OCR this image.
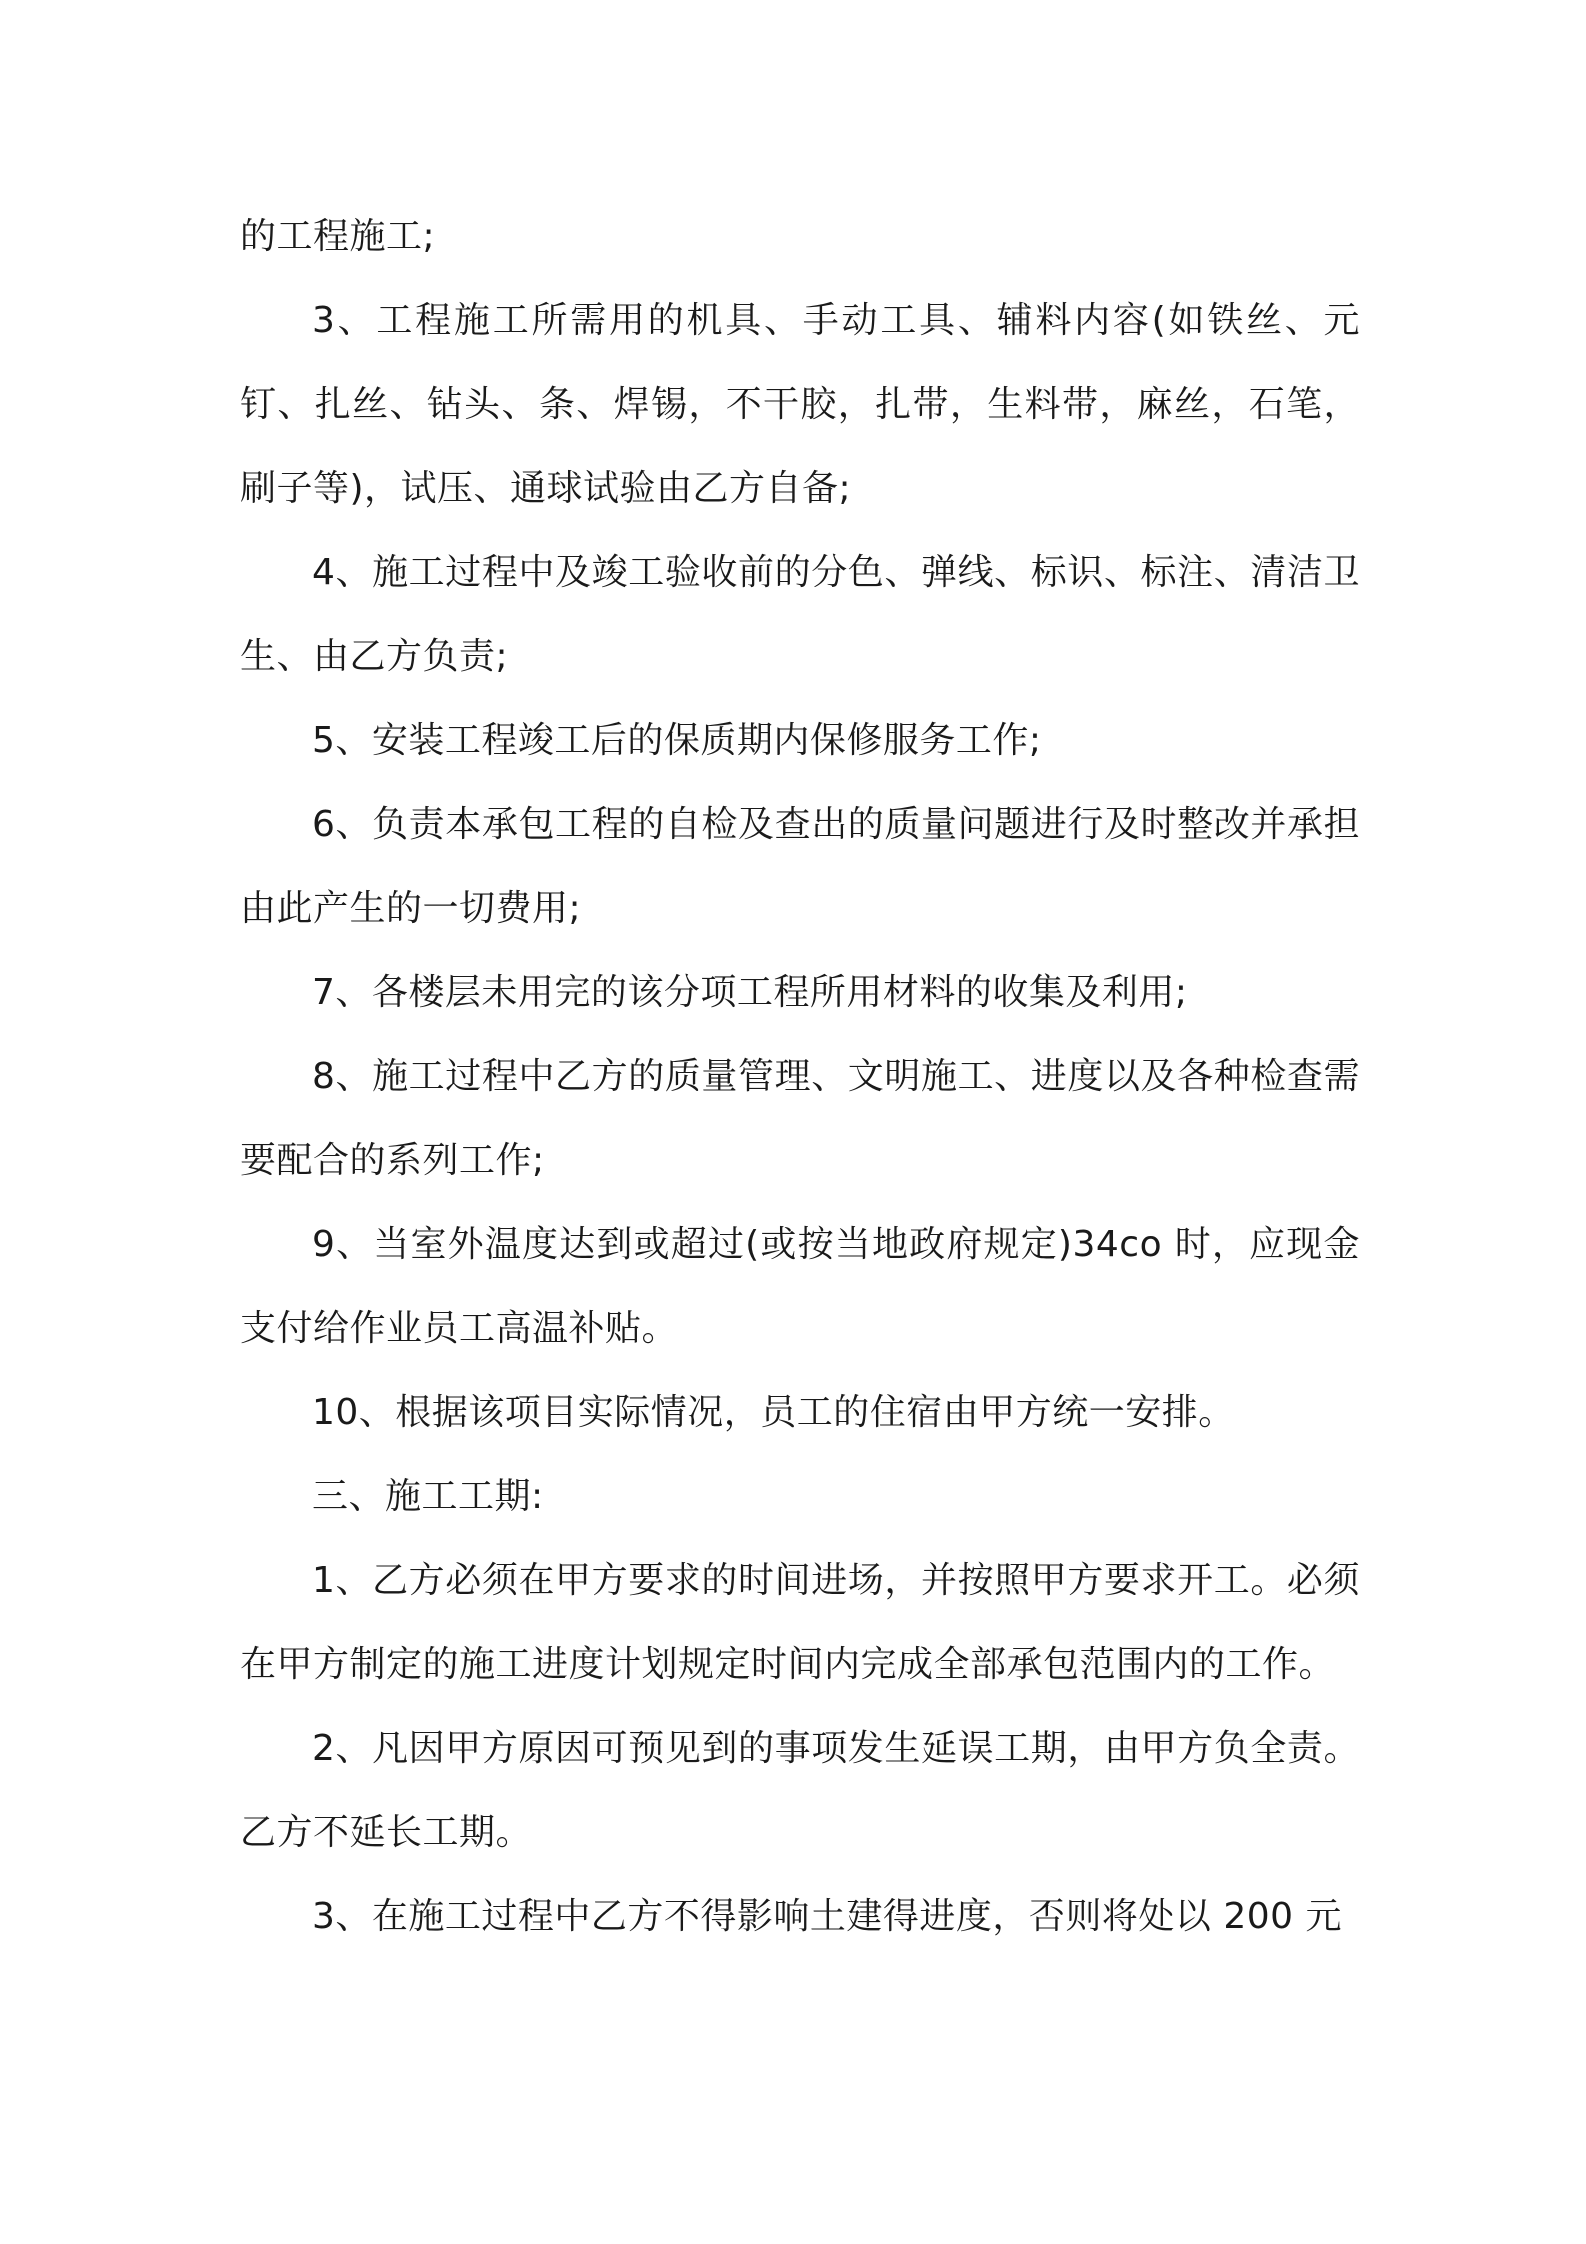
的工程施工;

3、工程施工所需用的机具、手动工具、辅料内容(如铁丝、元钉、扎丝、钻头、条、焊锡，不干胶，扎带，生料带，麻丝，石笔，刷子等)，试压、通球试验由乙方自备;

4、施工过程中及竣工验收前的分色、弹线、标识、标注、清洁卫生、由乙方负责;

5、安装工程竣工后的保质期内保修服务工作;

6、负责本承包工程的自检及查出的质量问题进行及时整改并承担由此产生的一切费用;

7、各楼层未用完的该分项工程所用材料的收集及利用;

8、施工过程中乙方的质量管理、文明施工、进度以及各种检查需要配合的系列工作;

9、当室外温度达到或超过(或按当地政府规定)34co 时，应现金支付给作业员工高温补贴。

10、根据该项目实际情况，员工的住宿由甲方统一安排。

三、施工工期:

1、乙方必须在甲方要求的时间进场，并按照甲方要求开工。必须在甲方制定的施工进度计划规定时间内完成全部承包范围内的工作。

2、凡因甲方原因可预见到的事项发生延误工期，由甲方负全责。乙方不延长工期。

3、在施工过程中乙方不得影响土建得进度，否则将处以 200 元
